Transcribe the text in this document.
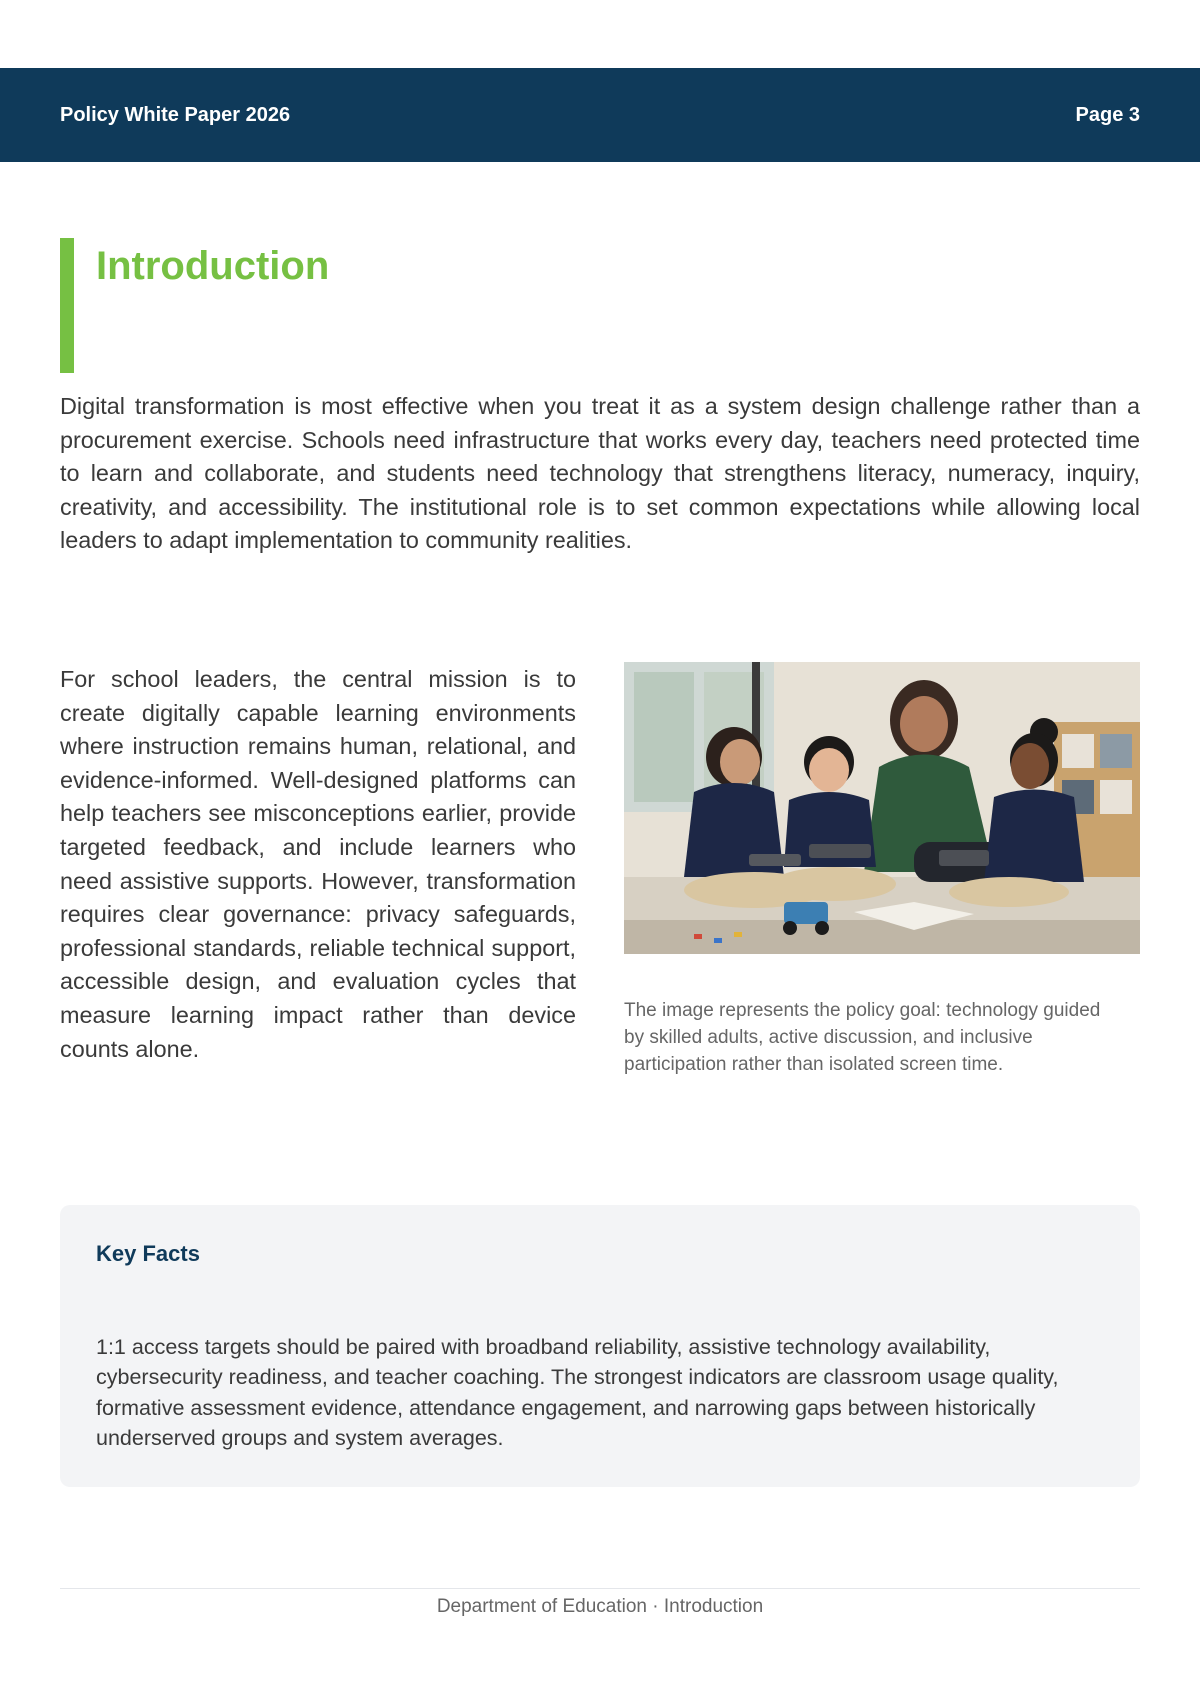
Policy White Paper 2026	Page 3
Introduction

Digital transformation is most effective when you treat it as a system design challenge rather than a procurement exercise. Schools need infrastructure that works every day, teachers need protected time to learn and collaborate, and students need technology that strengthens literacy, numeracy, inquiry, creativity, and accessibility. The institutional role is to set common expectations while allowing local leaders to adapt implementation to community realities.

For school leaders, the central mission is to create digitally capable learning environments where instruction remains human, relational, and evidence-informed. Well-designed platforms can help teachers see misconceptions earlier, provide targeted feedback, and include learners who need assistive supports. However, transformation requires clear governance: privacy safeguards, professional standards, reliable technical support, accessible design, and evaluation cycles that measure learning impact rather than device counts alone.

The image represents the policy goal: technology guided by skilled adults, active discussion, and inclusive participation rather than isolated screen time.

Key Facts

1:1 access targets should be paired with broadband reliability, assistive technology availability, cybersecurity readiness, and teacher coaching. The strongest indicators are classroom usage quality, formative assessment evidence, attendance engagement, and narrowing gaps between historically underserved groups and system averages.

Department of Education · Introduction
